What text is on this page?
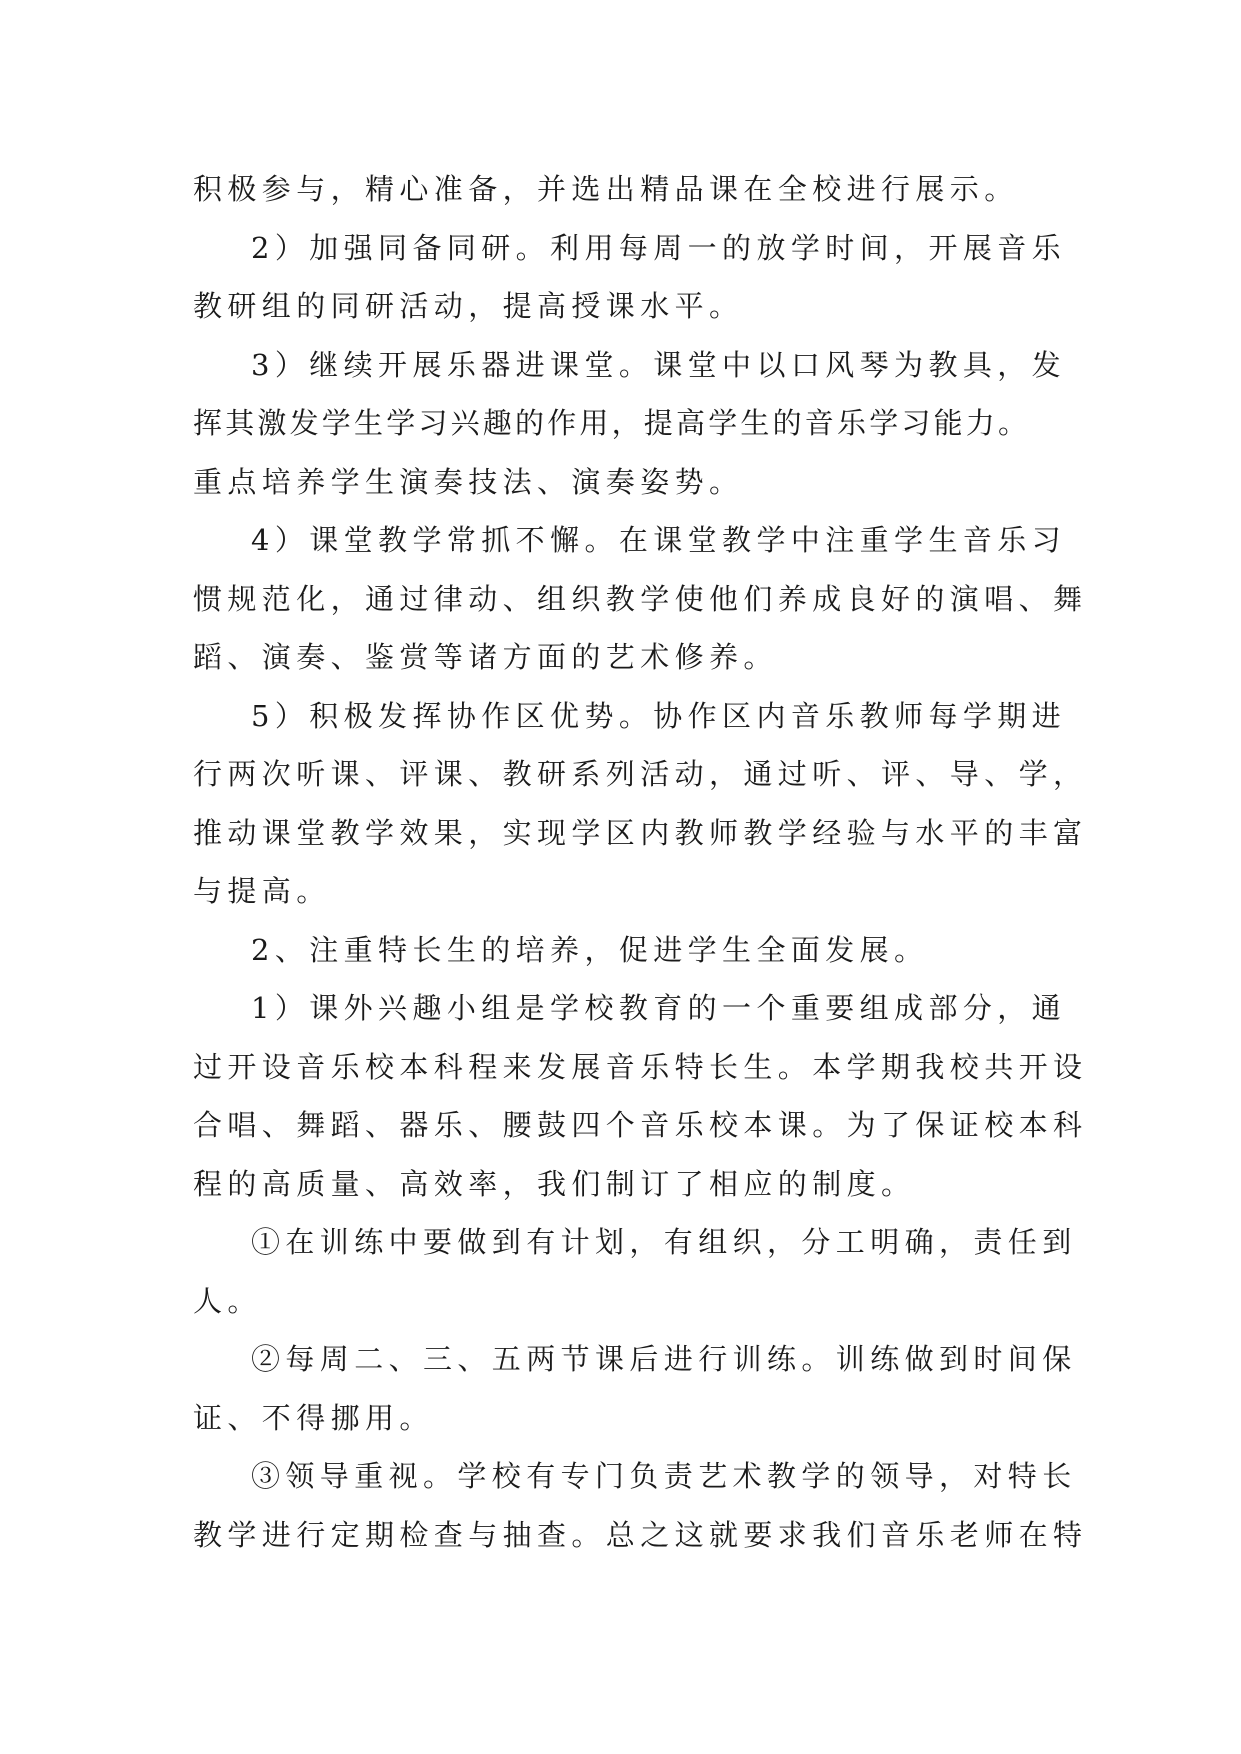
积极参与，精心准备，并选出精品课在全校进行展示。
2）加强同备同研。利用每周一的放学时间，开展音乐
教研组的同研活动，提高授课水平。
3）继续开展乐器进课堂。课堂中以口风琴为教具，发
挥其激发学生学习兴趣的作用，提高学生的音乐学习能力。
重点培养学生演奏技法、演奏姿势。
4）课堂教学常抓不懈。在课堂教学中注重学生音乐习
惯规范化，通过律动、组织教学使他们养成良好的演唱、舞
蹈、演奏、鉴赏等诸方面的艺术修养。
5）积极发挥协作区优势。协作区内音乐教师每学期进
行两次听课、评课、教研系列活动，通过听、评、导、学，
推动课堂教学效果，实现学区内教师教学经验与水平的丰富
与提高。
2、注重特长生的培养，促进学生全面发展。
1）课外兴趣小组是学校教育的一个重要组成部分，通
过开设音乐校本科程来发展音乐特长生。本学期我校共开设
合唱、舞蹈、器乐、腰鼓四个音乐校本课。为了保证校本科
程的高质量、高效率，我们制订了相应的制度。
①在训练中要做到有计划，有组织，分工明确，责任到
人。
②每周二、三、五两节课后进行训练。训练做到时间保
证、不得挪用。
③领导重视。学校有专门负责艺术教学的领导，对特长
教学进行定期检查与抽查。总之这就要求我们音乐老师在特
